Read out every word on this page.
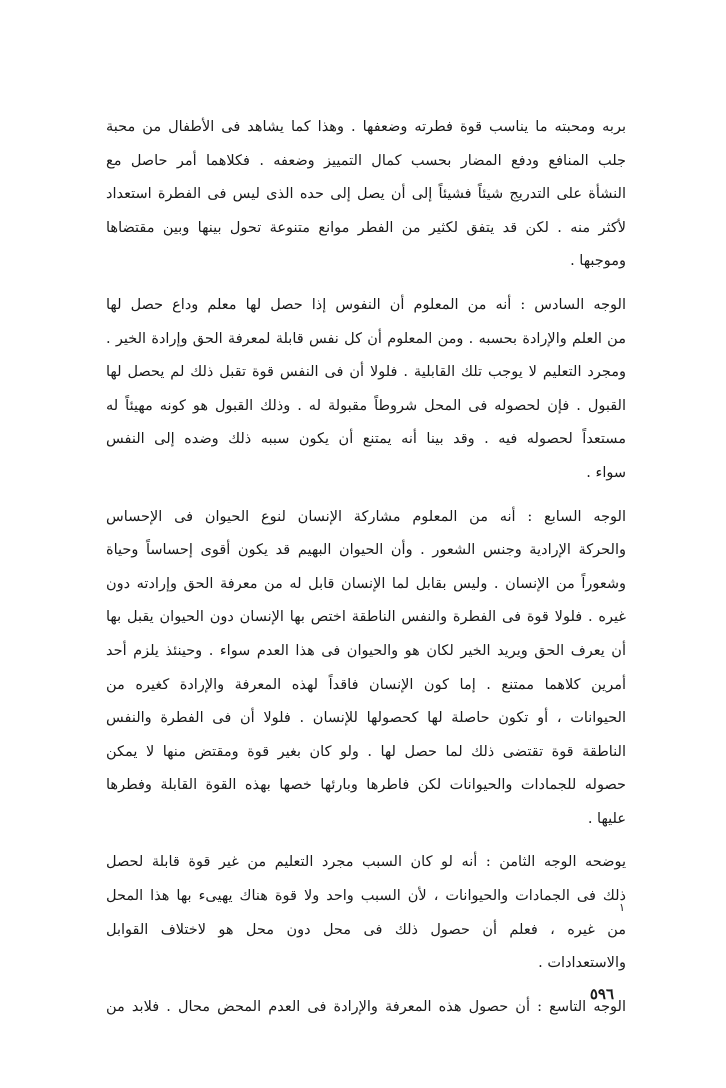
بربه ومحبته ما يناسب قوة فطرته وضعفها . وهذا كما يشاهد فى الأطفال من محبة
جلب المنافع ودفع المضار بحسب كمال التمييز وضعفه . فكلاهما أمر حاصل مع
النشأة على التدريج شيئاً فشيئاً إلى أن يصل إلى حده الذى ليس فى الفطرة استعداد
لأكثر منه . لكن قد يتفق لكثير من الفطر موانع متنوعة تحول بينها وبين مقتضاها
وموجبها .
الوجه السادس : أنه من المعلوم أن النفوس إذا حصل لها معلم وداع حصل لها
من العلم والإرادة بحسبه . ومن المعلوم أن كل نفس قابلة لمعرفة الحق وإرادة الخير .
ومجرد التعليم لا يوجب تلك القابلية . فلولا أن فى النفس قوة تقبل ذلك لم يحصل لها
القبول . فإن لحصوله فى المحل شروطاً مقبولة له . وذلك القبول هو كونه مهيئاً له
مستعداً لحصوله فيه . وقد بينا أنه يمتنع أن يكون سببه ذلك وضده إلى النفس
سواء .
الوجه السابع : أنه من المعلوم مشاركة الإنسان لنوع الحيوان فى الإحساس
والحركة الإرادية وجنس الشعور . وأن الحيوان البهيم قد يكون أقوى إحساساً وحياة
وشعوراً من الإنسان . وليس بقابل لما الإنسان قابل له من معرفة الحق وإرادته دون
غيره . فلولا قوة فى الفطرة والنفس الناطقة اختص بها الإنسان دون الحيوان يقبل بها
أن يعرف الحق ويريد الخير لكان هو والحيوان فى هذا العدم سواء . وحينئذ يلزم أحد
أمرين كلاهما ممتنع . إما كون الإنسان فاقداً لهذه المعرفة والإرادة كغيره من
الحيوانات ، أو تكون حاصلة لها كحصولها للإنسان . فلولا أن فى الفطرة والنفس
الناطقة قوة تقتضى ذلك لما حصل لها . ولو كان بغير قوة ومقتض منها لا يمكن
حصوله للجمادات والحيوانات لكن فاطرها وبارئها خصها بهذه القوة القابلة وفطرها
عليها .
يوضحه الوجه الثامن : أنه لو كان السبب مجرد التعليم من غير قوة قابلة لحصل
ذلك فى الجمادات والحيوانات ، لأن السبب واحد ولا قوة هناك يهيىء بها هذا المحل
من غيره ، فعلم أن حصول ذلك فى محل دون محل هو لاختلاف القوابل
والاستعدادات .
الوجه التاسع : أن حصول هذه المعرفة والإرادة فى العدم المحض محال . فلابد من
١
٥٩٦
